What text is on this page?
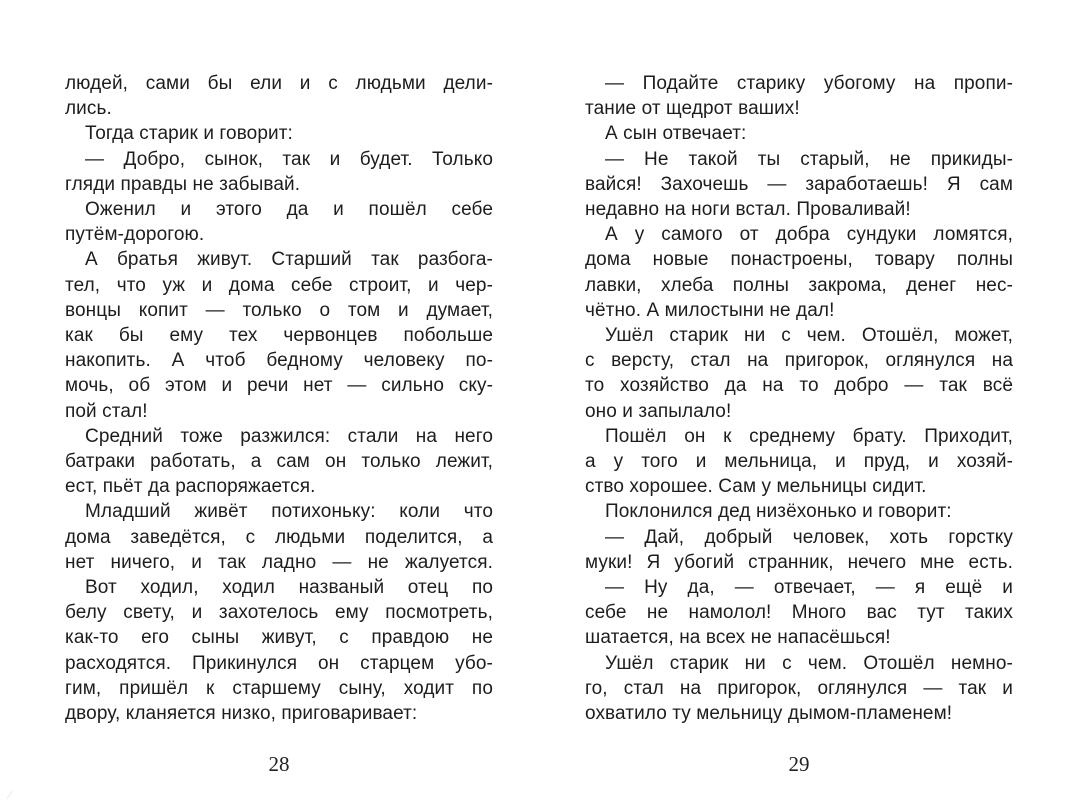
людей, сами бы ели и с людьми дели-
лись.

Тогда старик и говорит:

— Добро, сынок, так и будет. Только
гляди правды не забывай.

Оженил и этого да и пошёл себе
путём-дорогою.

А братья живут. Старший так разбога-
тел, что уж и дома себе строит, и чер-
вонцы копит — только о том и думает,
как бы ему тех червонцев побольше
накопить. А чтоб бедному человеку по-
мочь, об этом и речи нет — сильно ску-
пой стал!

Средний тоже разжился: стали на него
батраки работать, а сам он только лежит,
ест, пьёт да распоряжается.

Младший живёт потихоньку: коли что
дома заведётся, с людьми поделится, а
нет ничего, и так ладно — не жалуется.

Вот ходил, ходил названый отец по
белу свету, и захотелось ему посмотреть,
как-то его сыны живут, с правдою не
расходятся. Прикинулся он старцем убо-
гим, пришёл к старшему сыну, ходит по
двору, кланяется низко, приговаривает:

— Подайте старику убогому на пропи-
тание от щедрот ваших!

А сын отвечает:

— Не такой ты старый, не прикиды-
вайся! Захочешь — заработаешь! Я сам
недавно на ноги встал. Проваливай!

А у самого от добра сундуки ломятся,
дома новые понастроены, товару полны
лавки, хлеба полны закрома, денег нес-
чётно. А милостыни не дал!

Ушёл старик ни с чем. Отошёл, может,
с версту, стал на пригорок, оглянулся на
то хозяйство да на то добро — так всё
оно и запылало!

Пошёл он к среднему брату. Приходит,
а у того и мельница, и пруд, и хозяй-
ство хорошее. Сам у мельницы сидит.

Поклонился дед низёхонько и говорит:

— Дай, добрый человек, хоть горстку
муки! Я убогий странник, нечего мне есть.

— Ну да, — отвечает, — я ещё и
себе не намолол! Много вас тут таких
шатается, на всех не напасёшься!

Ушёл старик ни с чем. Отошёл немно-
го, стал на пригорок, оглянулся — так и
охватило ту мельницу дымом-пламенем!

28	29
